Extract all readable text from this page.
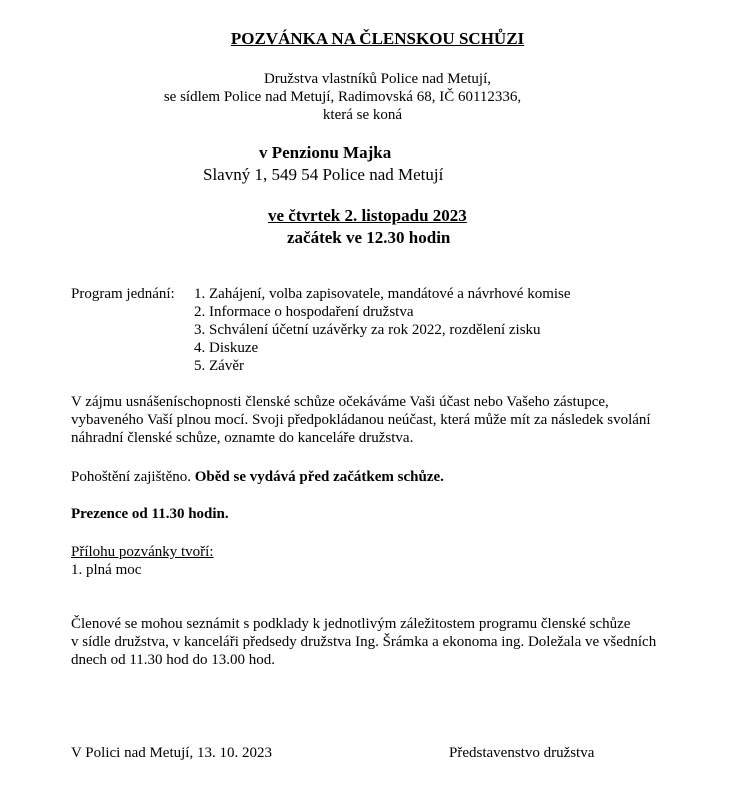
POZVÁNKA NA ČLENSKOU SCHŮZI
Družstva vlastníků Police nad Metují,
se sídlem Police nad Metují, Radimovská 68, IČ 60112336,
která se koná
v Penzionu Majka
Slavný 1, 549 54 Police nad Metují
ve čtvrtek 2. listopadu 2023
začátek ve 12.30 hodin
Program jednání: 1. Zahájení, volba zapisovatele, mandátové a návrhové komise
2. Informace o hospodaření družstva
3. Schválení účetní uzávěrky za rok 2022, rozdělení zisku
4. Diskuze
5. Závěr
V zájmu usnášeníschopnosti členské schůze očekáváme Vaši účast nebo Vašeho zástupce,
vybaveného Vaší plnou mocí. Svoji předpokládanou neúčast, která může mít za následek svolání
náhradní členské schůze, oznamte do kanceláře družstva.
Pohoštění zajištěno. Oběd se vydává před začátkem schůze.
Prezence od 11.30 hodin.
Přílohu pozvánky tvoří:
1. plná moc
Členové se mohou seznámit s podklady k jednotlivým záležitostem programu členské schůze
v sídle družstva, v kanceláři předsedy družstva Ing. Šrámka a ekonoma ing. Doležala ve všedních
dnech od 11.30 hod do 13.00 hod.
V Polici nad Metují, 13. 10. 2023	Představenstvo družstva
